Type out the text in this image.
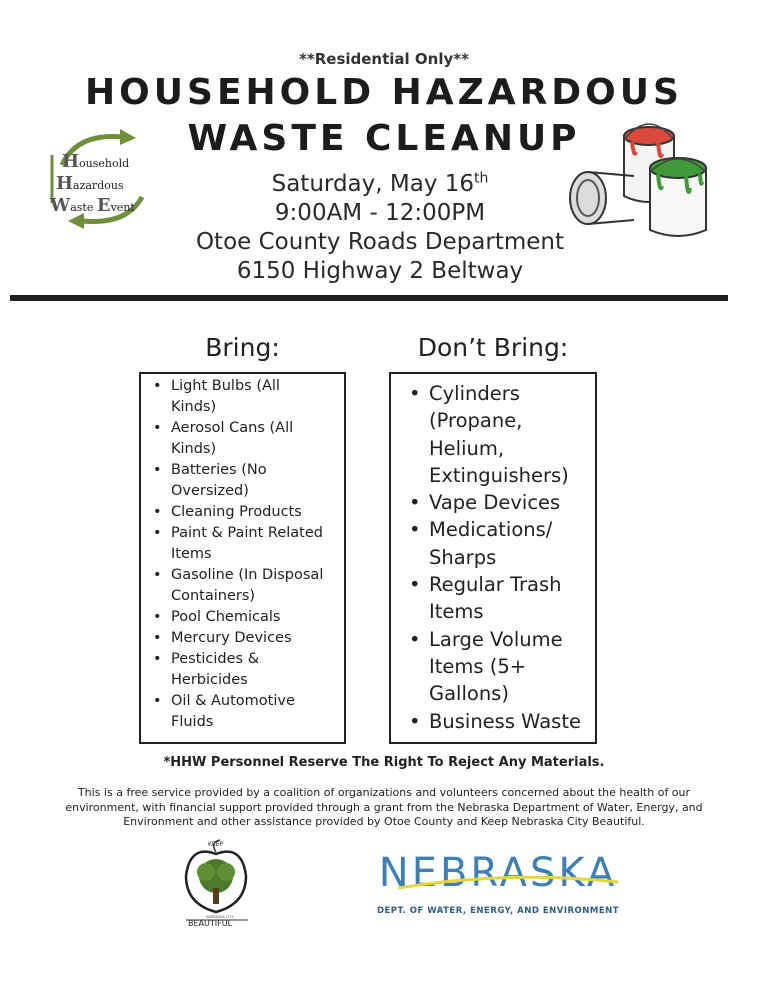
**Residential Only**
HOUSEHOLD HAZARDOUS
WASTE CLEANUP
Household
Hazardous
Waste Event
Saturday, May 16th
9:00AM - 12:00PM
Otoe County Roads Department
6150 Highway 2 Beltway
Bring:	Don’t Bring:
• Light Bulbs (All
Kinds)
• Aerosol Cans (All
Kinds)
• Batteries (No
Oversized)
• Cleaning Products
• Paint & Paint Related
Items
• Gasoline (In Disposal
Containers)
• Pool Chemicals
• Mercury Devices
• Pesticides &
Herbicides
• Oil & Automotive
Fluids
• Cylinders
(Propane,
Helium,
Extinguishers)
• Vape Devices
• Medications/
Sharps
• Regular Trash
Items
• Large Volume
Items (5+
Gallons)
• Business Waste
*HHW Personnel Reserve The Right To Reject Any Materials.
This is a free service provided by a coalition of organizations and volunteers concerned about the health of our
environment, with financial support provided through a grant from the Nebraska Department of Water, Energy, and
Environment and other assistance provided by Otoe County and Keep Nebraska City Beautiful.
KEEP
NEBRASKA CITY
BEAUTIFUL
NEBRASKA
DEPT. OF WATER, ENERGY, AND ENVIRONMENT
